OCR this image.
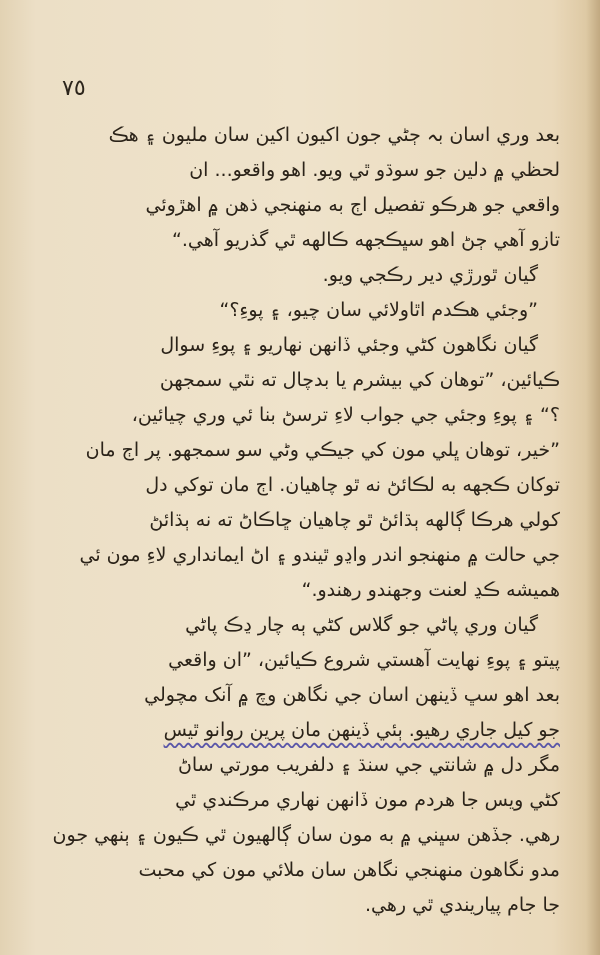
٧٥
بعد وري اسان بہ ڄڻي جون اکيون اکين سان مليون ۽ هڪ
لحظي ۾ دلين جو سوڌو ٿي ويو. اهو واقعو... ان
واقعي جو هرڪو تفصيل اڄ به منهنجي ذهن ۾ اهڙوئي
تازو آهي ڄڻ اهو سڀڪجهه ڪالهه ٿي گذريو آهي.“
گيان ٿورڙي دير رڪجي ويو.
”وجئي هڪدم اٿاولائي سان چيو، ۽ پوءِ؟“
گيان نگاهون کڻي وجئي ڏانهن نهاريو ۽ پوءِ سوال
ڪيائين، ”توهان کي بيشرم يا بدچال ته نٿي سمجهن
؟“ ۽ پوءِ وجئي جي جواب لاءِ ترسڻ بنا ئي وري چيائين،
”خير، توهان ڀلي مون کي جيڪي وڻي سو سمجهو. پر اڄ مان
توکان ڪجهه به لڪائڻ نه ٿو چاهيان. اڄ مان توکي دل
کولي هرڪا ڳالهه ٻڌائڻ ٿو چاهيان ڇاڪاڻ ته نه ٻڌائڻ
جي حالت ۾ منهنجو اندر واڍو ٿيندو ۽ اڻ ايمانداري لاءِ مون ئي
هميشه ڪڍ لعنت وجهندو رهندو.“
گيان وري پاڻي جو گلاس کڻي ٻه چار ڍڪ پاڻي
پيتو ۽ پوءِ نهايت آهستي شروع ڪيائين، ”ان واقعي
بعد اهو سڀ ڏينهن اسان جي نگاهن وچ ۾ آنک مچولي
جو کيل جاري رهيو. ٻئي ڏينهن مان پرين روانو ٿيس
مگر دل ۾ شانتي جي سنڌ ۽ دلفريب مورتي ساڻ
کڻي ويس جا هردم مون ڏانهن نهاري مرڪندي ٿي
رهي. جڏهن سڀني ۾ به مون سان ڳالهيون ٿي ڪيون ۽ ٻنهي جون
مدو نگاهون منهنجي نگاهن سان ملائي مون کي محبت
جا جام پياريندي ٿي رهي.
